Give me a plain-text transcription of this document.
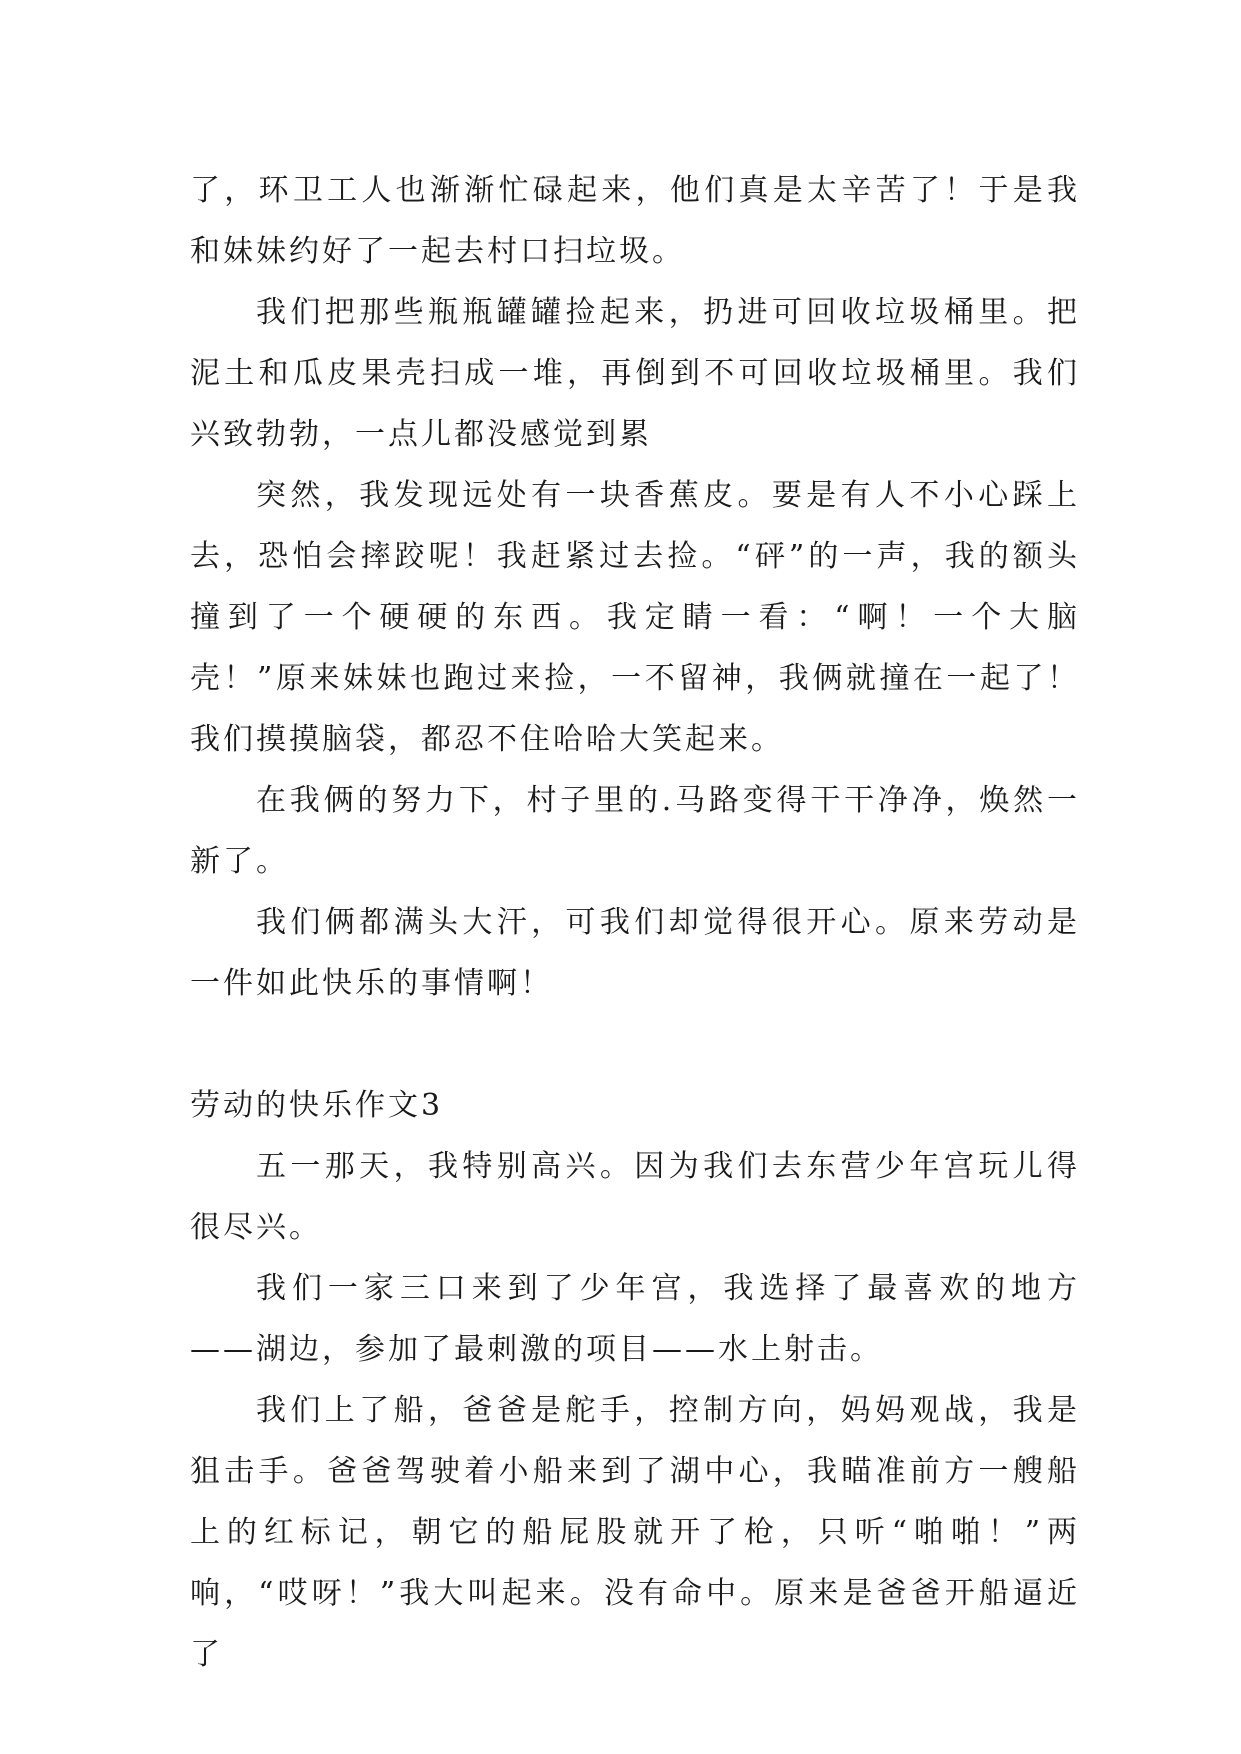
了，环卫工人也渐渐忙碌起来，他们真是太辛苦了！于是我和妹妹约好了一起去村口扫垃圾。

我们把那些瓶瓶罐罐捡起来，扔进可回收垃圾桶里。把泥土和瓜皮果壳扫成一堆，再倒到不可回收垃圾桶里。我们兴致勃勃，一点儿都没感觉到累

突然，我发现远处有一块香蕉皮。要是有人不小心踩上去，恐怕会摔跤呢！我赶紧过去捡。“砰”的一声，我的额头撞到了一个硬硬的东西。我定睛一看：“啊！一个大脑壳！”原来妹妹也跑过来捡，一不留神，我俩就撞在一起了！我们摸摸脑袋，都忍不住哈哈大笑起来。

在我俩的努力下，村子里的.马路变得干干净净，焕然一新了。

我们俩都满头大汗，可我们却觉得很开心。原来劳动是一件如此快乐的事情啊！

劳动的快乐作文3

五一那天，我特别高兴。因为我们去东营少年宫玩儿得很尽兴。

我们一家三口来到了少年宫，我选择了最喜欢的地方——湖边，参加了最刺激的项目——水上射击。

我们上了船，爸爸是舵手，控制方向，妈妈观战，我是狙击手。爸爸驾驶着小船来到了湖中心，我瞄准前方一艘船上的红标记，朝它的船屁股就开了枪，只听“啪啪！”两响，“哎呀！”我大叫起来。没有命中。原来是爸爸开船逼近了
